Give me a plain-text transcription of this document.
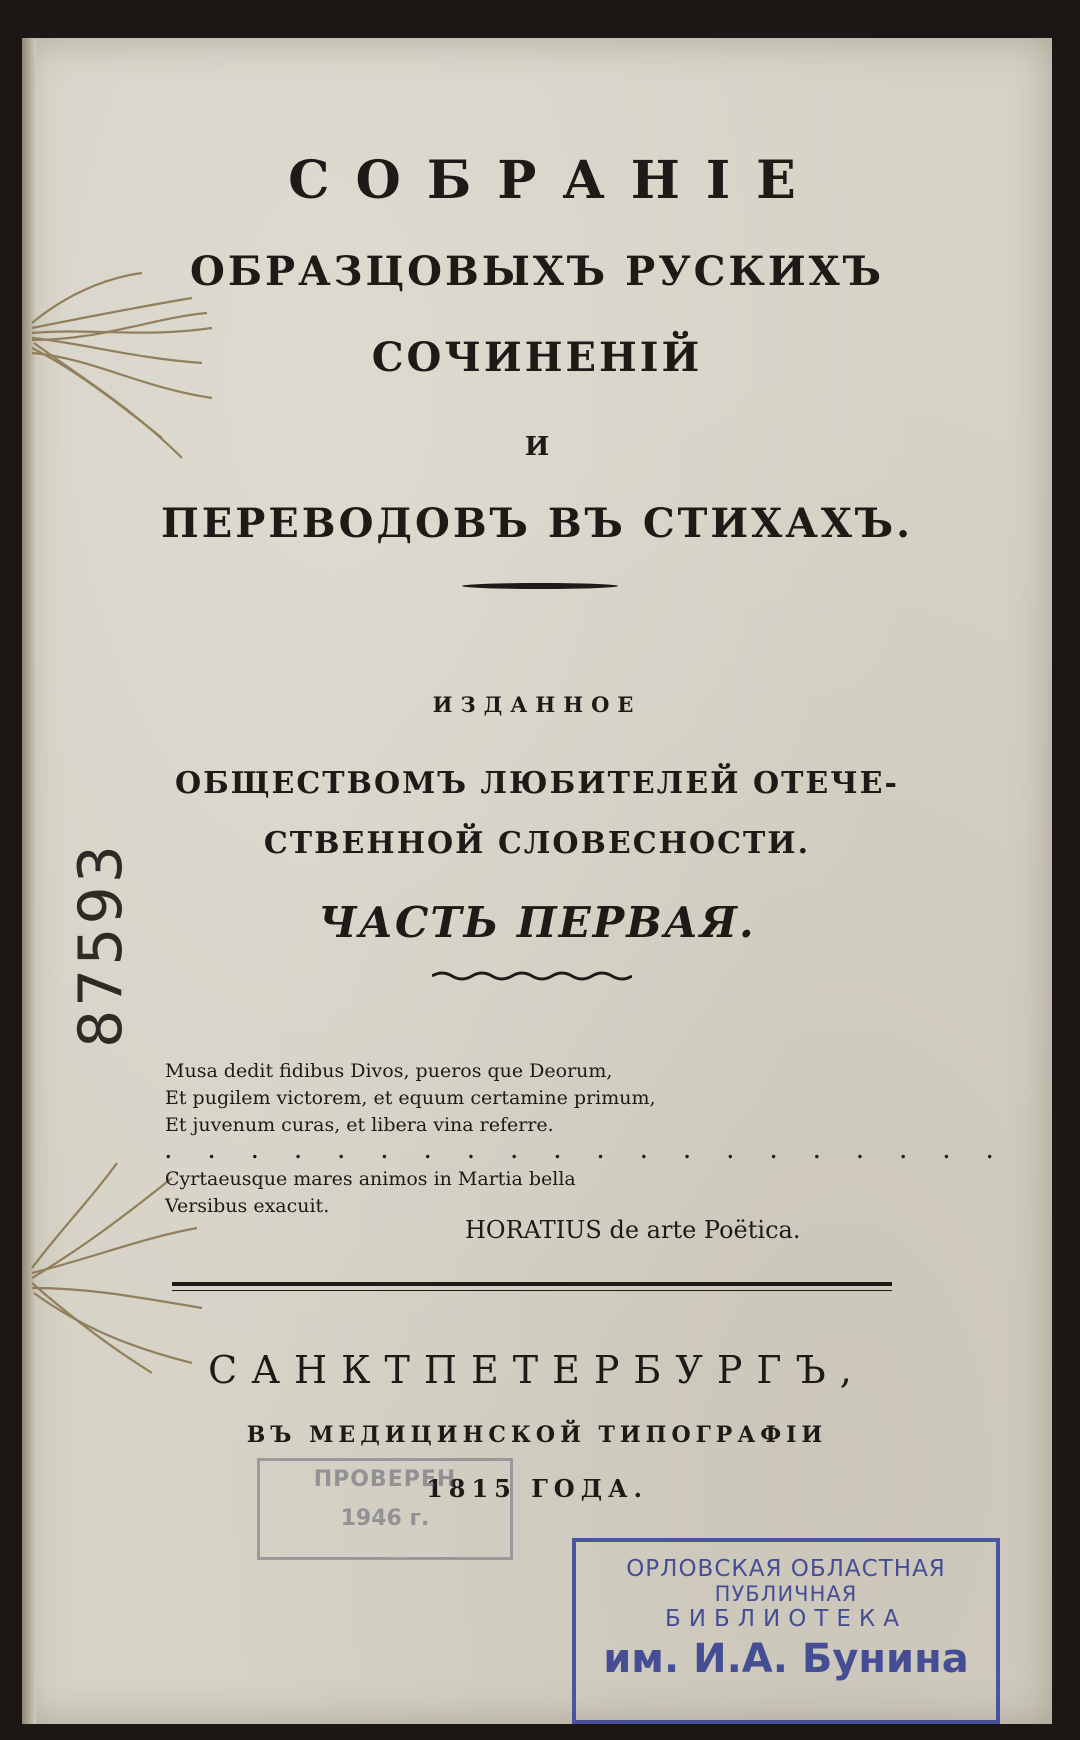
СОБРАНІЕ
ОБРАЗЦОВЫХЪ РУСКИХЪ
СОЧИНЕНІЙ
И
ПЕРЕВОДОВЪ ВЪ СТИХАХЪ.
ИЗДАННОЕ
ОБЩЕСТВОМЪ ЛЮБИТЕЛЕЙ ОТЕЧЕ-
СТВЕННОЙ СЛОВЕСНОСТИ.
ЧАСТЬ ПЕРВАЯ.
Musa dedit fidibus Divos, pueros que Deorum,
Et pugilem victorem, et equum certamine primum,
Et juvenum curas, et libera vina referre.
. . . . . . . . . . . . . . . . . . . .
Cyrtaeusque mares animos in Martia bella
Versibus exacuit.
HORATIUS de arte Poëtica.
САНКТПЕТЕРБУРГЪ,
ВЪ МЕДИЦИНСКОЙ ТИПОГРАФІИ
1815 ГОДА.
87593
ПРОВЕРЕН
1946 г.
ОРЛОВСКАЯ ОБЛАСТНАЯ
ПУБЛИЧНАЯ
БИБЛИОТЕКА
им. И.А. Бунина
